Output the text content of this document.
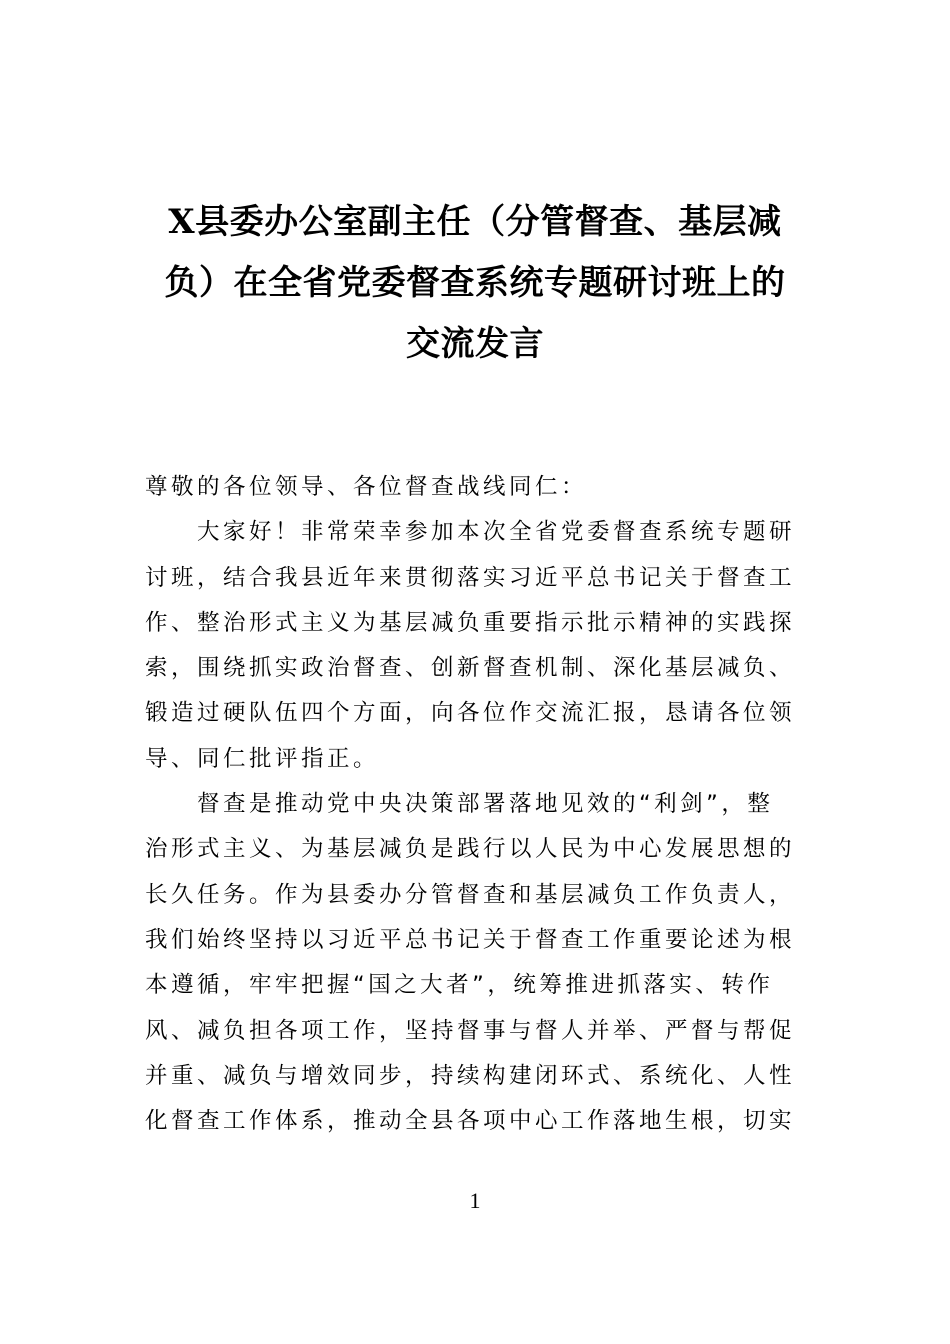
X县委办公室副主任（分管督查、基层减
负）在全省党委督查系统专题研讨班上的
交流发言
尊敬的各位领导、各位督查战线同仁：
大家好！非常荣幸参加本次全省党委督查系统专题研
讨班，结合我县近年来贯彻落实习近平总书记关于督查工
作、整治形式主义为基层减负重要指示批示精神的实践探
索，围绕抓实政治督查、创新督查机制、深化基层减负、
锻造过硬队伍四个方面，向各位作交流汇报，恳请各位领
导、同仁批评指正。
督查是推动党中央决策部署落地见效的“利剑”，整
治形式主义、为基层减负是践行以人民为中心发展思想的
长久任务。作为县委办分管督查和基层减负工作负责人，
我们始终坚持以习近平总书记关于督查工作重要论述为根
本遵循，牢牢把握“国之大者”，统筹推进抓落实、转作
风、减负担各项工作，坚持督事与督人并举、严督与帮促
并重、减负与增效同步，持续构建闭环式、系统化、人性
化督查工作体系，推动全县各项中心工作落地生根，切实
1
